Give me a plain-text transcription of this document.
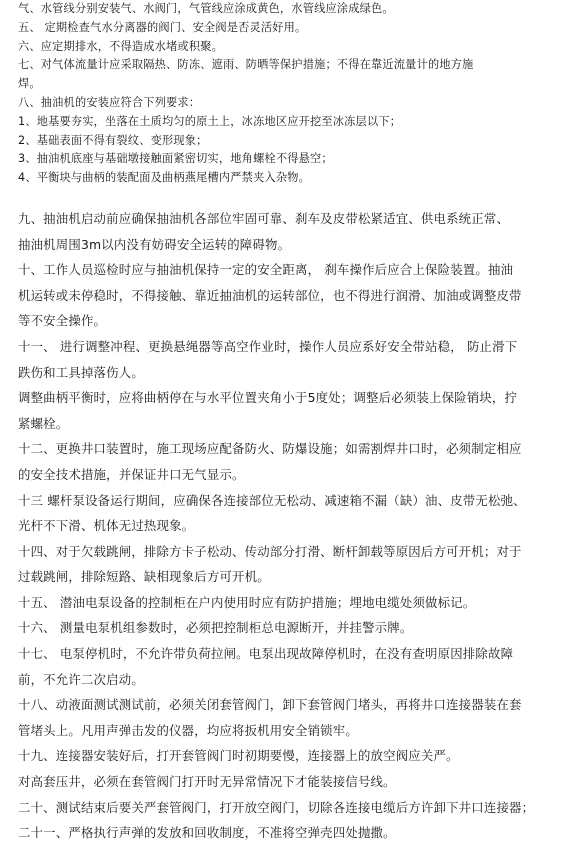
气、水管线分别安装气、水阀门，气管线应涂成黄色，水管线应涂成绿色。
五、 定期检查气水分离器的阀门、安全阀是否灵活好用。
六、应定期排水，不得造成水堵或积聚。
七、对气体流量计应采取隔热、防冻、遮雨、防晒等保护措施；不得在靠近流量计的地方施
焊。
八、抽油机的安装应符合下列要求：
1、地基要夯实，坐落在土质均匀的原土上，冰冻地区应开挖至冰冻层以下；
2、基础表面不得有裂纹、变形现象；
3、抽油机底座与基础墩接触面紧密切实，地角螺栓不得悬空；
4、平衡块与曲柄的装配面及曲柄燕尾槽内严禁夹入杂物。
九、抽油机启动前应确保抽油机各部位牢固可靠、刹车及皮带松紧适宜、供电系统正常、
抽油机周围3m以内没有妨碍安全运转的障碍物。
十、工作人员巡检时应与抽油机保持一定的安全距离， 刹车操作后应合上保险装置。抽油
机运转或未停稳时，不得接触、靠近抽油机的运转部位，也不得进行润滑、加油或调整皮带
等不安全操作。
十一、 进行调整冲程、更换悬绳器等高空作业时，操作人员应系好安全带站稳， 防止滑下
跌伤和工具掉落伤人。
调整曲柄平衡时，应将曲柄停在与水平位置夹角小于5度处；调整后必须装上保险销块，拧
紧螺栓。
十二、更换井口装置时，施工现场应配备防火、防爆设施；如需割焊井口时，必须制定相应
的安全技术措施，并保证井口无气显示。
十三 螺杆泵设备运行期间，应确保各连接部位无松动、减速箱不漏（缺）油、皮带无松弛、
光杆不下滑、机体无过热现象。
十四、对于欠载跳闸，排除方卡子松动、传动部分打滑、断杆卸载等原因后方可开机；对于
过载跳闸，排除短路、缺相现象后方可开机。
十五、 潜油电泵设备的控制柜在户内使用时应有防护措施；埋地电缆处须做标记。
十六、 测量电泵机组参数时，必须把控制柜总电源断开，并挂警示牌。
十七、 电泵停机时，不允许带负荷拉闸。电泵出现故障停机时，在没有查明原因排除故障
前，不允许二次启动。
十八、动液面测试测试前，必须关闭套管阀门，卸下套管阀门堵头，再将井口连接器装在套
管堵头上。凡用声弹击发的仪器，均应将扳机用安全销锁牢。
十九、连接器安装好后，打开套管阀门时初期要慢，连接器上的放空阀应关严。
对高套压井，必须在套管阀门打开时无异常情况下才能装接信号线。
二十、测试结束后要关严套管阀门，打开放空阀门，切除各连接电缆后方许卸下井口连接器；
二十一、严格执行声弹的发放和回收制度，不准将空弹壳四处抛撒。
